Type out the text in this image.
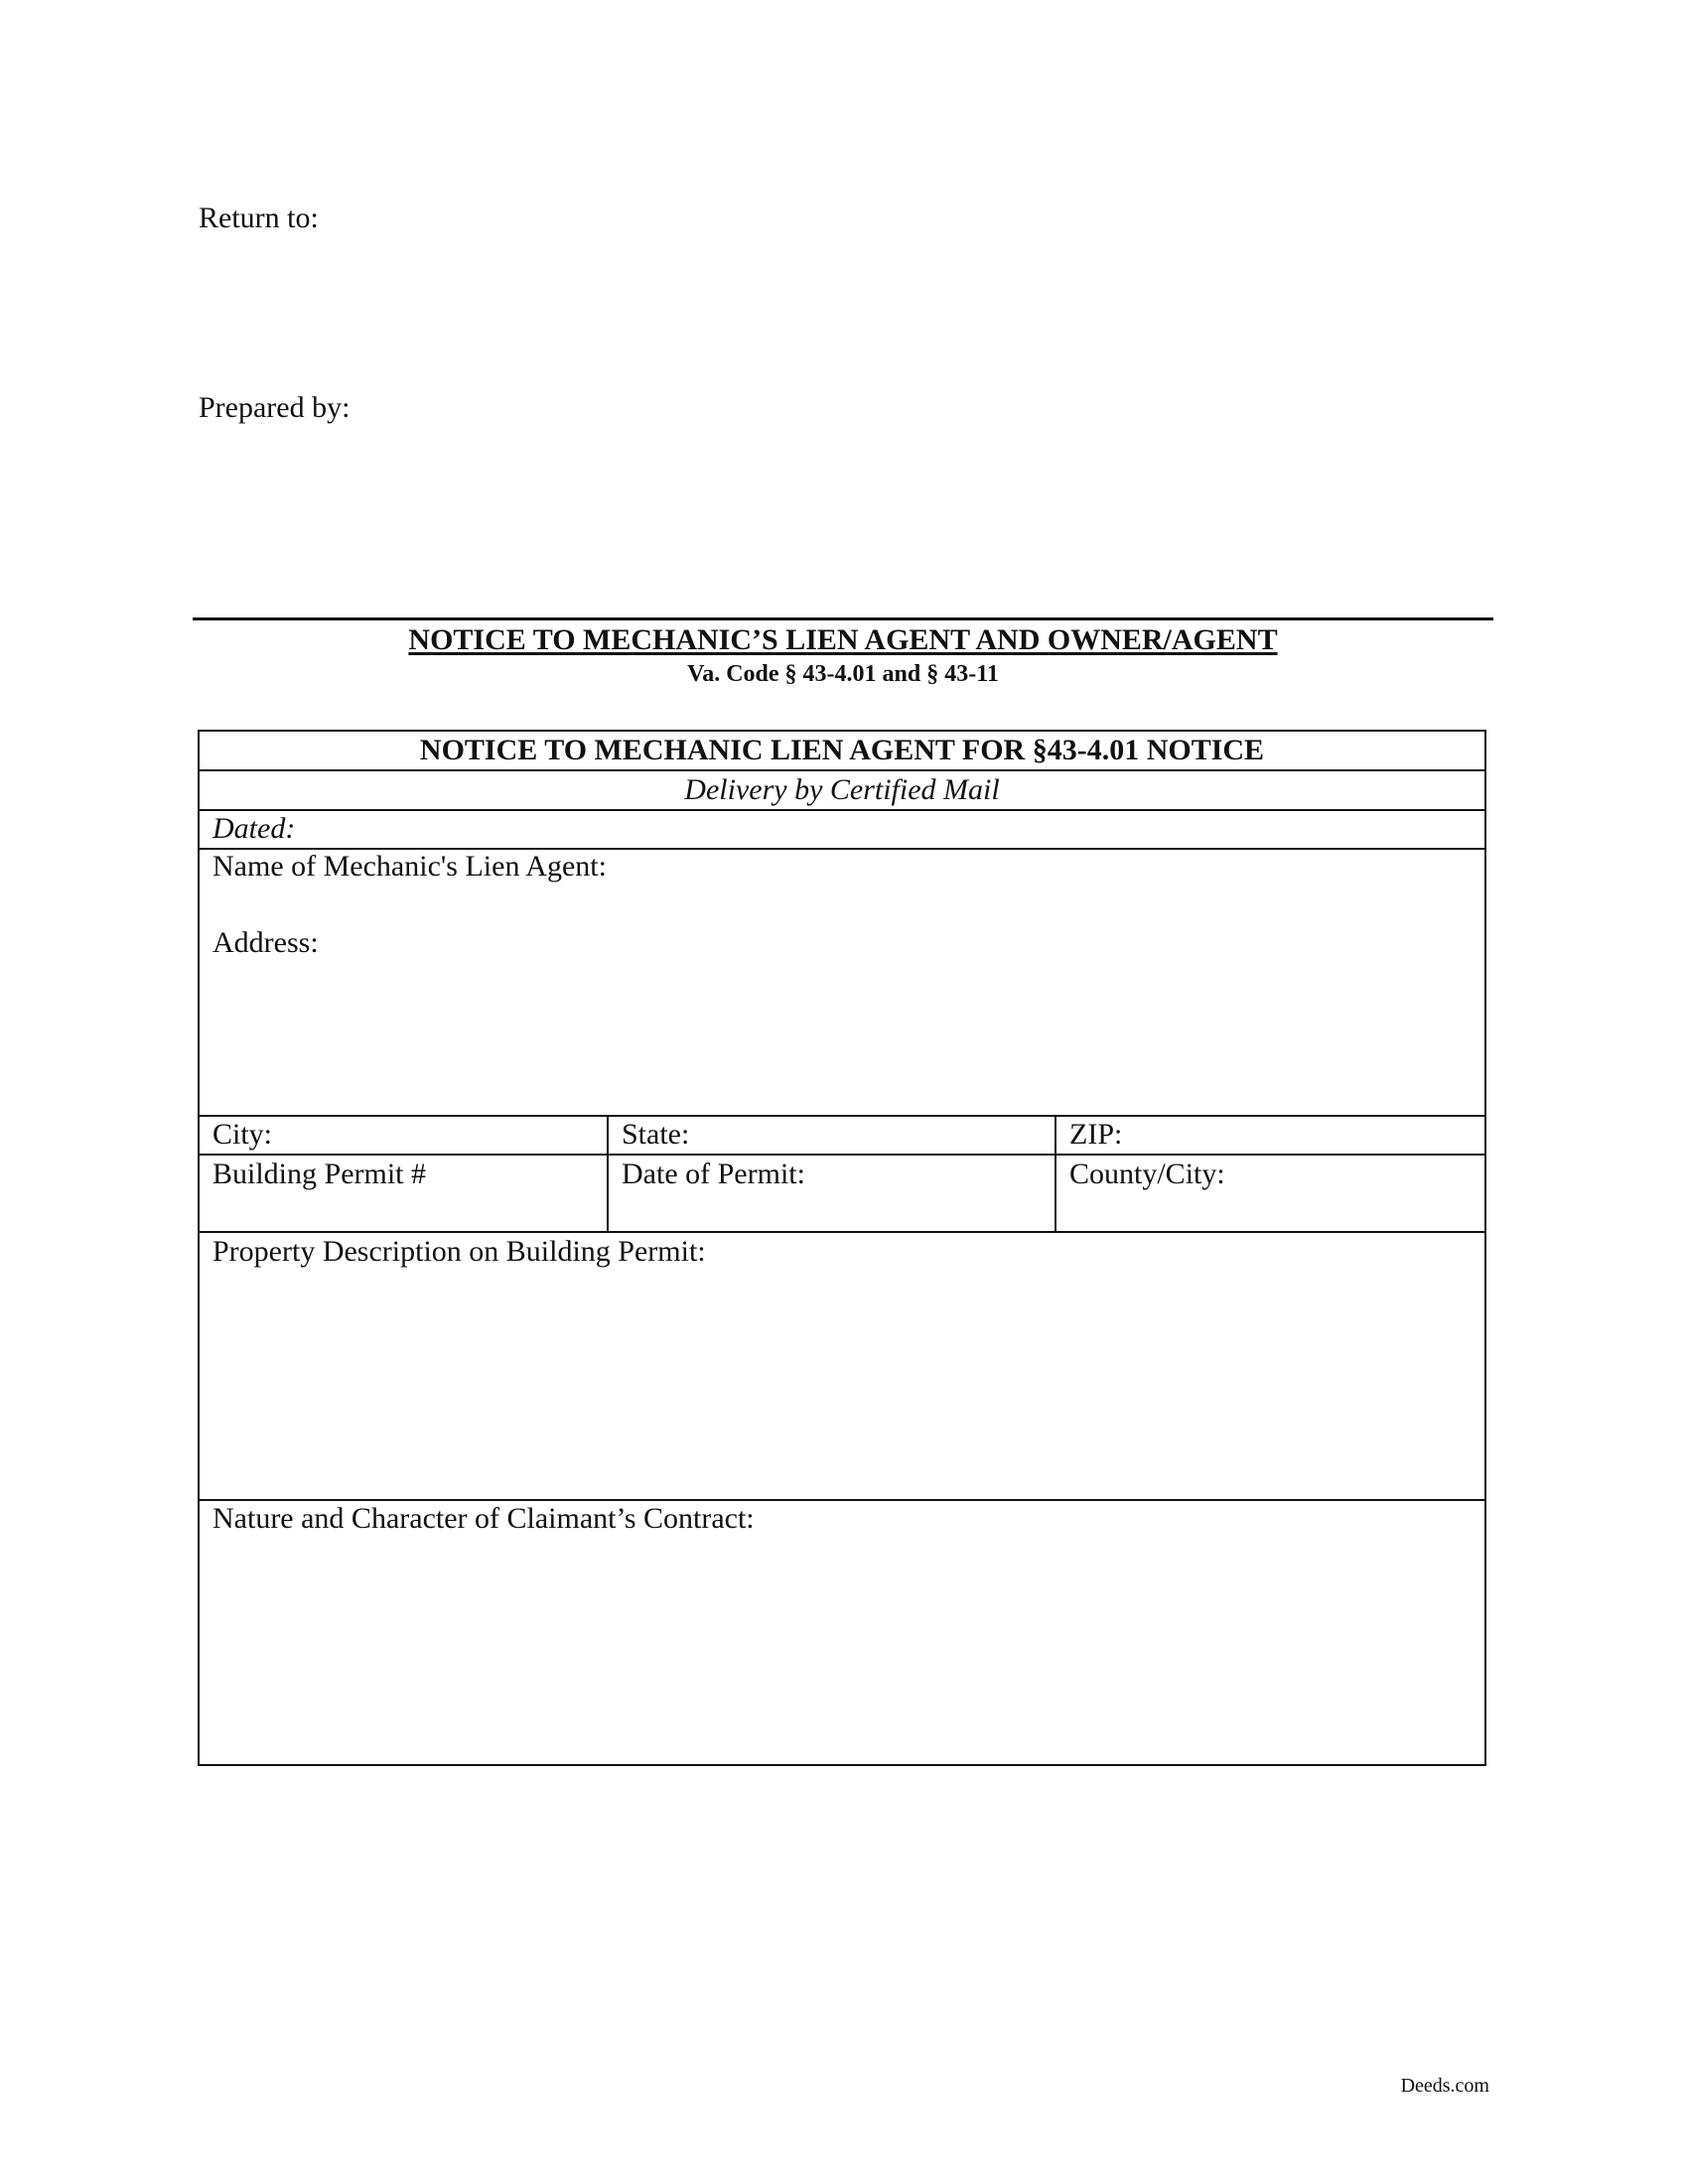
Return to:
Prepared by:
NOTICE TO MECHANIC’S LIEN AGENT AND OWNER/AGENT
Va. Code § 43-4.01 and § 43-11
NOTICE TO MECHANIC LIEN AGENT FOR §43-4.01 NOTICE
Delivery by Certified Mail
Dated:
Name of Mechanic's Lien Agent:
Address:
City:	State:	ZIP:
Building Permit #	Date of Permit:	County/City:
Property Description on Building Permit:
Nature and Character of Claimant’s Contract:
Deeds.com
